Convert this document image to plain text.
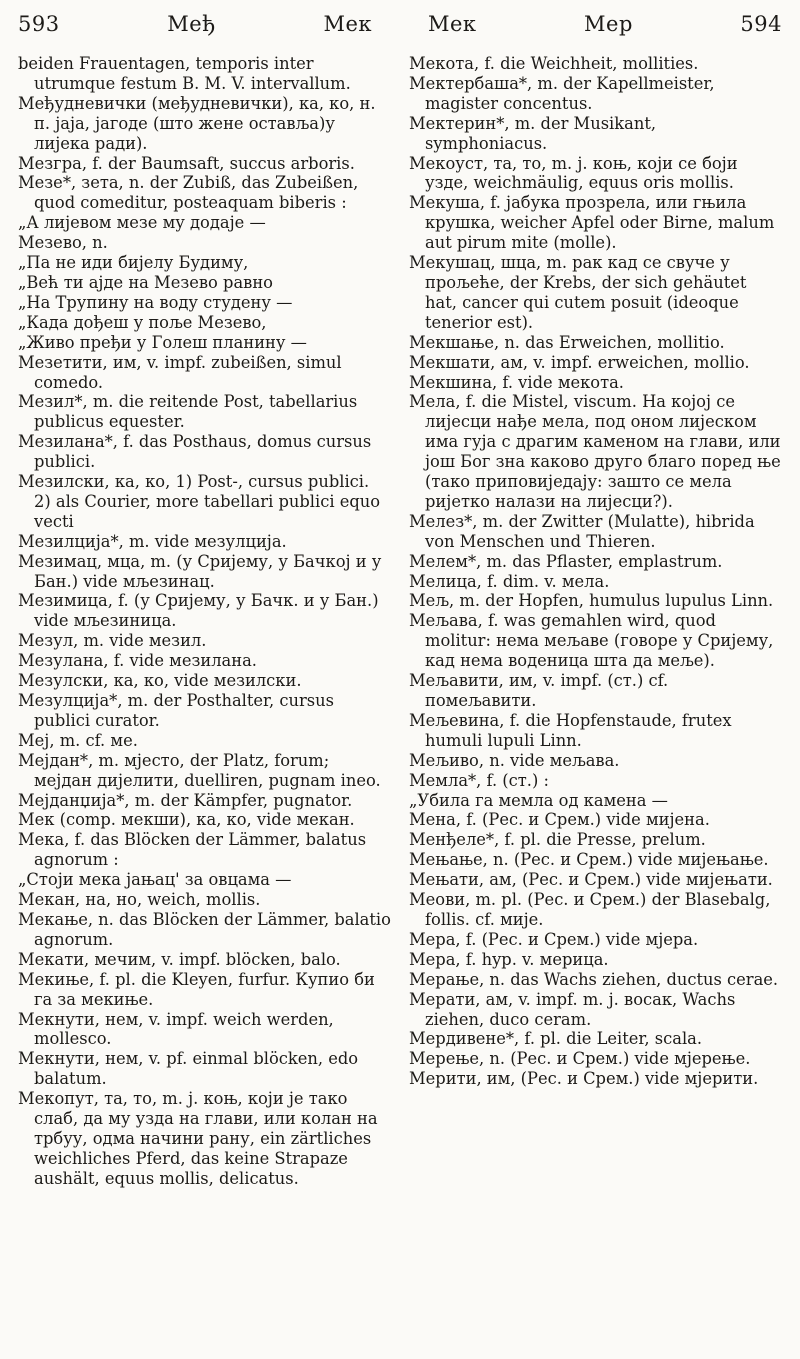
593	Међ	Мек	Мек	Мер	594

beiden Frauentagen, temporis inter utrumque festum B. M. V. intervallum.

Међудневички (међудневички), ка, ко, н. п. jaja, jaгоде (што жене оставља)у лијека ради).

Мезгра, f. der Baumsaft, succus arboris.

Мезе*, зета, n. der Zubiß, das Zubeißen, quod comeditur, posteaquam biberis :

„А лијевом мезе му додаје —

Мезево, n.

„Па не иди бијелу Будиму,

„Већ ти аjде на Мезево равно

„На Трупину на воду студену —

„Када дођеш у поље Мезево,

„Живо пређи у Голеш планину —

Мезетити, им, v. impf. zubeißen, simul comedo.

Мезил*, m. die reitende Post, tabellarius publicus equester.

Мезилана*, f. das Posthaus, domus cursus publici.

Мезилски, ка, ко, 1) Post-, cursus publici. 2) als Courier, more tabellari publici equo vecti

Мезилција*, m. vide мезулција.

Мезимац, мца, m. (у Сријему, у Бачкој и у Бан.) vide мљезинац.

Мезимица, f. (у Сријему, у Бачк. и у Бан.) vide мљезиница.

Мезул, m. vide мезил.

Мезулана, f. vide мезилана.

Мезулски, ка, ко, vide мезилски.

Мезулција*, m. der Posthalter, cursus publici curator.

Меј, m. cf. ме.

Меjдан*, m. мјесто, der Platz, forum; меjдан дијелити, duelliren, pugnam ineo.

Меjданџија*, m. der Kämpfer, pugnator.

Мек (comp. мекши), ка, ко, vide мекан.

Мека, f. das Blöcken der Lämmer, balatus agnorum :

„Стоји мека јањац' за овцама —

Мекан, на, но, weich, mollis.

Мекање, n. das Blöcken der Lämmer, balatio agnorum.

Мекати, мечим, v. impf. blöcken, balo.

Мекиње, f. pl. die Kleyen, furfur. Купио би га за мекиње.

Мекнути, нем, v. impf. weich werden, mollesco.

Мекнути, нем, v. pf. einmal blöcken, edo balatum.

Мекопут, та, то, m. j. коњ, који је тако слаб, да му узда на глави, или колан на трбуу, одма начини рану, ein zärtliches weichliches Pferd, das keine Strapaze aushält, equus mollis, delicatus.

Мекота, f. die Weichheit, mollities.

Мектербаша*, m. der Kapellmeister, magister concentus.

Мектерин*, m. der Musikant, symphoniacus.

Мекоуст, та, то, m. j. коњ, који се боји узде, weichmäulig, equus oris mollis.

Мекуша, f. jабука прозрела, или гњила крушка, weicher Apfel oder Birne, malum aut pirum mite (molle).

Мекушац, шца, m. рак кад се свуче у прољеће, der Krebs, der sich gehäutet hat, cancer qui cutem posuit (ideoque tenerior est).

Мекшање, n. das Erweichen, mollitio.

Мекшати, ам, v. impf. erweichen, mollio.

Мекшина, f. vide мекота.

Мела, f. die Mistel, viscum. На којој се лијесци нађе мела, под оном лијеском има гуја с драгим каменом на глави, или још Бог зна каково друго благо поред ње (тако приповиједају: зашто се мела ријетко налази на лијесци?).

Мелез*, m. der Zwitter (Mulatte), hibrida von Menschen und Thieren.

Мелем*, m. das Pflaster, emplastrum.

Мелица, f. dim. v. мела.

Мељ, m. der Hopfen, humulus lupulus Linn.

Мељава, f. was gemahlen wird, quod molitur: нема мељаве (говоре у Сријему, кад нема воденица шта да меље).

Мељавити, им, v. impf. (ст.) cf. помељавити.

Мељевина, f. die Hopfenstaude, frutex humuli lupuli Linn.

Мељиво, n. vide мељава.

Мемла*, f. (ст.) :

„Убила га мемла од камена —

Мена, f. (Рес. и Срем.) vide мијена.

Менђеле*, f. pl. die Presse, prelum.

Мењање, n. (Рес. и Срем.) vide мијењање.

Мењати, ам, (Рес. и Срем.) vide мијењати.

Меови, m. pl. (Рес. и Срем.) der Blasebalg, follis. cf. мије.

Мера, f. (Рес. и Срем.) vide мјера.

Мера, f. hyp. v. мерица.

Мерање, n. das Wachs ziehen, ductus cerae.

Мерати, ам, v. impf. m. j. восак, Wachs ziehen, duco ceram.

Мердивене*, f. pl. die Leiter, scala.

Мерење, n. (Рес. и Срем.) vide мјерење.

Мерити, им, (Рес. и Срем.) vide мјерити.
